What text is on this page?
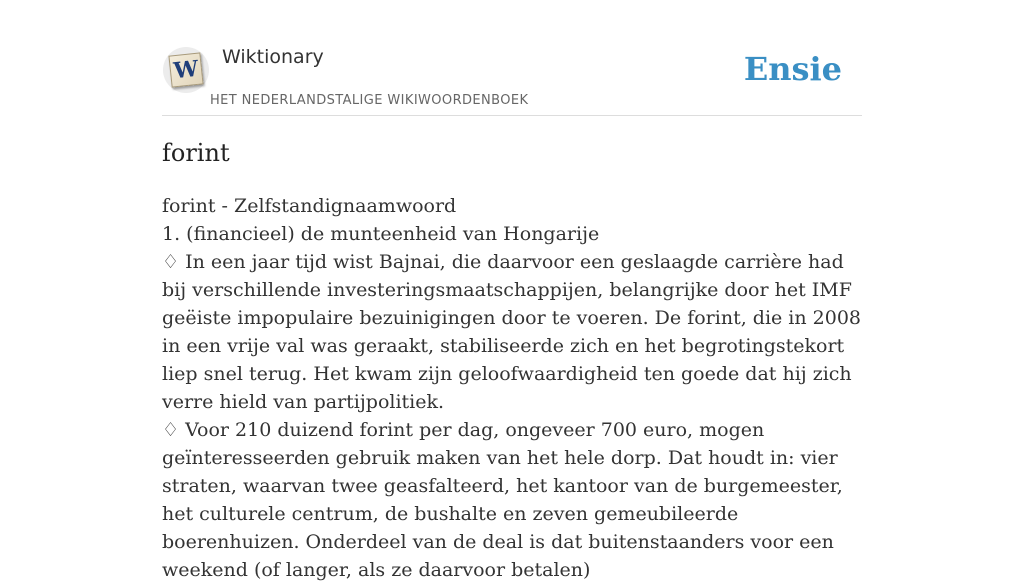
W Wiktionary
HET NEDERLANDSTALIGE WIKIWOORDENBOEK
Ensie
forint
forint - Zelfstandignaamwoord
1. (financieel) de munteenheid van Hongarije
♢ In een jaar tijd wist Bajnai, die daarvoor een geslaagde carrière had bij verschillende investeringsmaatschappijen, belangrijke door het IMF geëiste impopulaire bezuinigingen door te voeren. De forint, die in 2008 in een vrije val was geraakt, stabiliseerde zich en het begrotingstekort liep snel terug. Het kwam zijn geloofwaardigheid ten goede dat hij zich verre hield van partijpolitiek.
♢ Voor 210 duizend forint per dag, ongeveer 700 euro, mogen geïnteresseerden gebruik maken van het hele dorp. Dat houdt in: vier straten, waarvan twee geasfalteerd, het kantoor van de burgemeester, het culturele centrum, de bushalte en zeven gemeubileerde boerenhuizen. Onderdeel van de deal is dat buitenstaanders voor een weekend (of langer, als ze daarvoor betalen)
